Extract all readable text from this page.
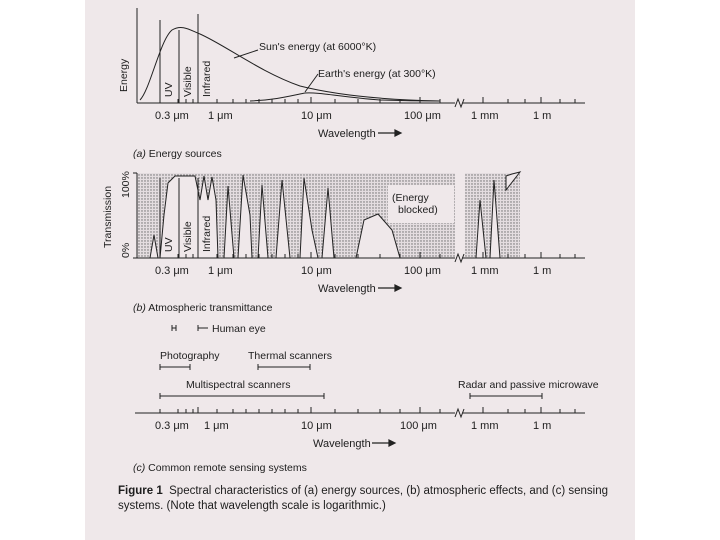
Energy	UV Visible Infrared
Sun's energy (at 6000°K)
Earth's energy (at 300°K)
0.3 μm 1 μm	10 μm	100 μm	1 mm	1 m
Wavelength
(a) Energy sources
Transmission
100%
0%	UV Visible Infrared
(Energy
blocked)
0.3 μm 1 μm	10 μm	100 μm	1 mm	1 m
Wavelength
(b) Atmospheric transmittance
Human eye
Photography	Thermal scanners
Multispectral scanners	Radar and passive microwave
0.3 μm 1 μm	10 μm	100 μm	1 mm	1 m
Wavelength
(c) Common remote sensing systems
Figure 1 Spectral characteristics of (a) energy sources, (b) atmospheric effects, and (c) sensing systems. (Note that wavelength scale is logarithmic.)
